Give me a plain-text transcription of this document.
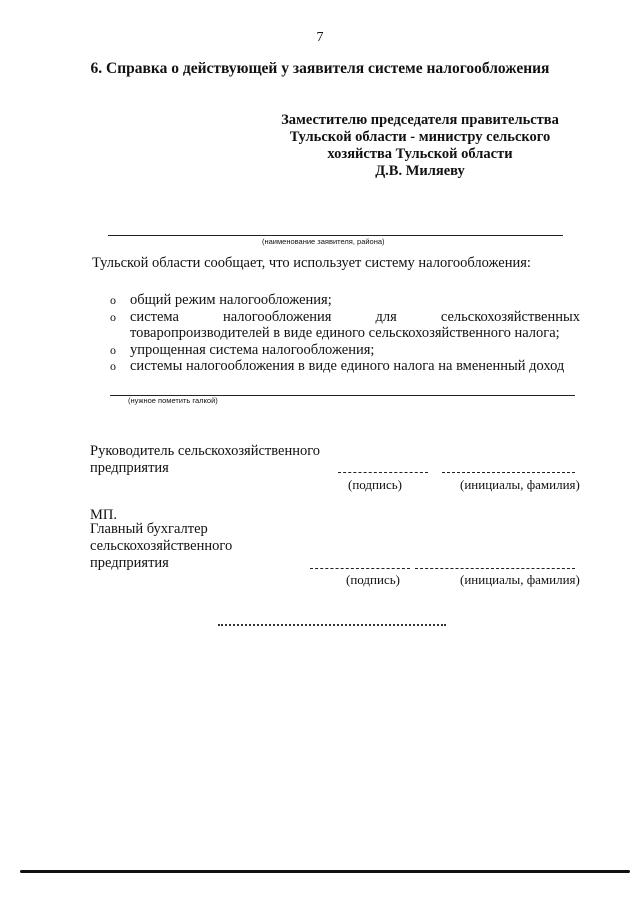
7
6. Справка о действующей у заявителя системе налогообложения
Заместителю председателя правительства
Тульской области - министру сельского
хозяйства Тульской области
Д.В. Миляеву
(наименование заявителя, района)
Тульской области сообщает, что использует систему налогообложения:
o общий режим налогообложения;
o система налогообложения для сельскохозяйственных
товаропроизводителей в виде единого сельскохозяйственного налога;
o упрощенная система налогообложения;
o системы налогообложения в виде единого налога на вмененный доход
(нужное пометить галкой)
Руководитель сельскохозяйственного
предприятия
(подпись)	(инициалы, фамилия)
МП.
Главный бухгалтер
сельскохозяйственного
предприятия
(подпись)	(инициалы, фамилия)
